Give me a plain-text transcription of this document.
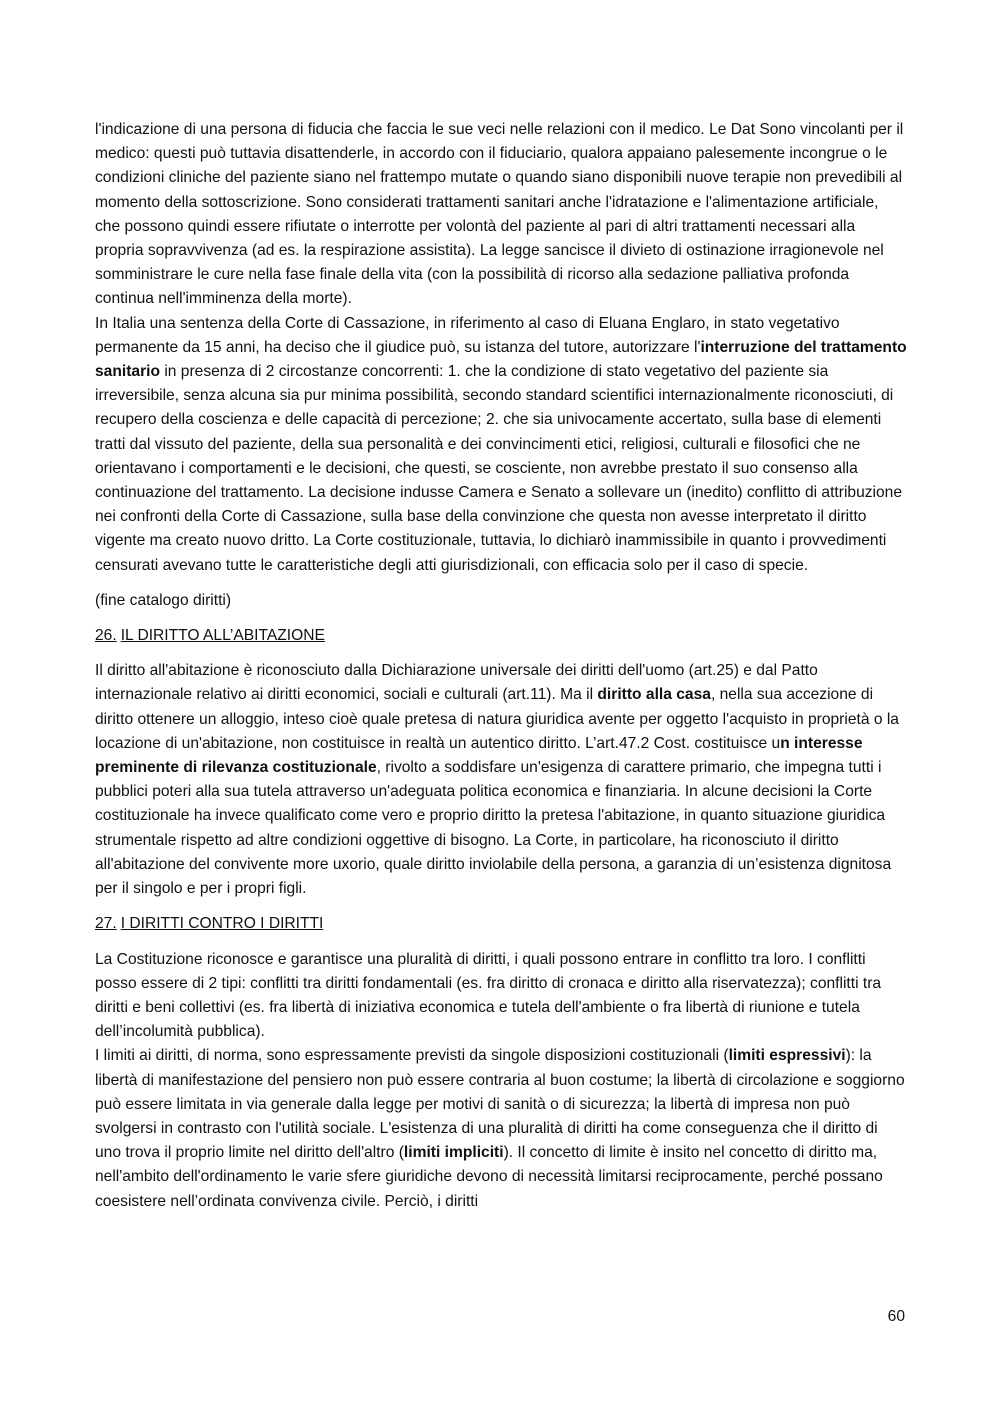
l'indicazione di una persona di fiducia che faccia le sue veci nelle relazioni con il medico. Le Dat Sono vincolanti per il medico: questi può tuttavia disattenderle, in accordo con il fiduciario, qualora appaiano palesemente incongrue o le condizioni cliniche del paziente siano nel frattempo mutate o quando siano disponibili nuove terapie non prevedibili al momento della sottoscrizione. Sono considerati trattamenti sanitari anche l'idratazione e l'alimentazione artificiale, che possono quindi essere rifiutate o interrotte per volontà del paziente al pari di altri trattamenti necessari alla propria sopravvivenza (ad es. la respirazione assistita). La legge sancisce il divieto di ostinazione irragionevole nel somministrare le cure nella fase finale della vita (con la possibilità di ricorso alla sedazione palliativa profonda continua nell'imminenza della morte).

In Italia una sentenza della Corte di Cassazione, in riferimento al caso di Eluana Englaro, in stato vegetativo permanente da 15 anni, ha deciso che il giudice può, su istanza del tutore, autorizzare l'interruzione del trattamento sanitario in presenza di 2 circostanze concorrenti: 1. che la condizione di stato vegetativo del paziente sia irreversibile, senza alcuna sia pur minima possibilità, secondo standard scientifici internazionalmente riconosciuti, di recupero della coscienza e delle capacità di percezione; 2. che sia univocamente accertato, sulla base di elementi tratti dal vissuto del paziente, della sua personalità e dei convincimenti etici, religiosi, culturali e filosofici che ne orientavano i comportamenti e le decisioni, che questi, se cosciente, non avrebbe prestato il suo consenso alla continuazione del trattamento. La decisione indusse Camera e Senato a sollevare un (inedito) conflitto di attribuzione nei confronti della Corte di Cassazione, sulla base della convinzione che questa non avesse interpretato il diritto vigente ma creato nuovo dritto. La Corte costituzionale, tuttavia, lo dichiarò inammissibile in quanto i provvedimenti censurati avevano tutte le caratteristiche degli atti giurisdizionali, con efficacia solo per il caso di specie.

(fine catalogo diritti)

26. IL DIRITTO ALL’ABITAZIONE

Il diritto all'abitazione è riconosciuto dalla Dichiarazione universale dei diritti dell'uomo (art.25) e dal Patto internazionale relativo ai diritti economici, sociali e culturali (art.11). Ma il diritto alla casa, nella sua accezione di diritto ottenere un alloggio, inteso cioè quale pretesa di natura giuridica avente per oggetto l'acquisto in proprietà o la locazione di un'abitazione, non costituisce in realtà un autentico diritto. L’art.47.2 Cost. costituisce un interesse preminente di rilevanza costituzionale, rivolto a soddisfare un'esigenza di carattere primario, che impegna tutti i pubblici poteri alla sua tutela attraverso un'adeguata politica economica e finanziaria. In alcune decisioni la Corte costituzionale ha invece qualificato come vero e proprio diritto la pretesa l'abitazione, in quanto situazione giuridica strumentale rispetto ad altre condizioni oggettive di bisogno. La Corte, in particolare, ha riconosciuto il diritto all'abitazione del convivente more uxorio, quale diritto inviolabile della persona, a garanzia di un’esistenza dignitosa per il singolo e per i propri figli.

27. I DIRITTI CONTRO I DIRITTI

La Costituzione riconosce e garantisce una pluralità di diritti, i quali possono entrare in conflitto tra loro. I conflitti posso essere di 2 tipi: conflitti tra diritti fondamentali (es. fra diritto di cronaca e diritto alla riservatezza); conflitti tra diritti e beni collettivi (es. fra libertà di iniziativa economica e tutela dell'ambiente o fra libertà di riunione e tutela dell’incolumità pubblica).

I limiti ai diritti, di norma, sono espressamente previsti da singole disposizioni costituzionali (limiti espressivi): la libertà di manifestazione del pensiero non può essere contraria al buon costume; la libertà di circolazione e soggiorno può essere limitata in via generale dalla legge per motivi di sanità o di sicurezza; la libertà di impresa non può svolgersi in contrasto con l'utilità sociale. L'esistenza di una pluralità di diritti ha come conseguenza che il diritto di uno trova il proprio limite nel diritto dell'altro (limiti impliciti). Il concetto di limite è insito nel concetto di diritto ma, nell'ambito dell'ordinamento le varie sfere giuridiche devono di necessità limitarsi reciprocamente, perché possano coesistere nell’ordinata convivenza civile. Perciò, i diritti

60
